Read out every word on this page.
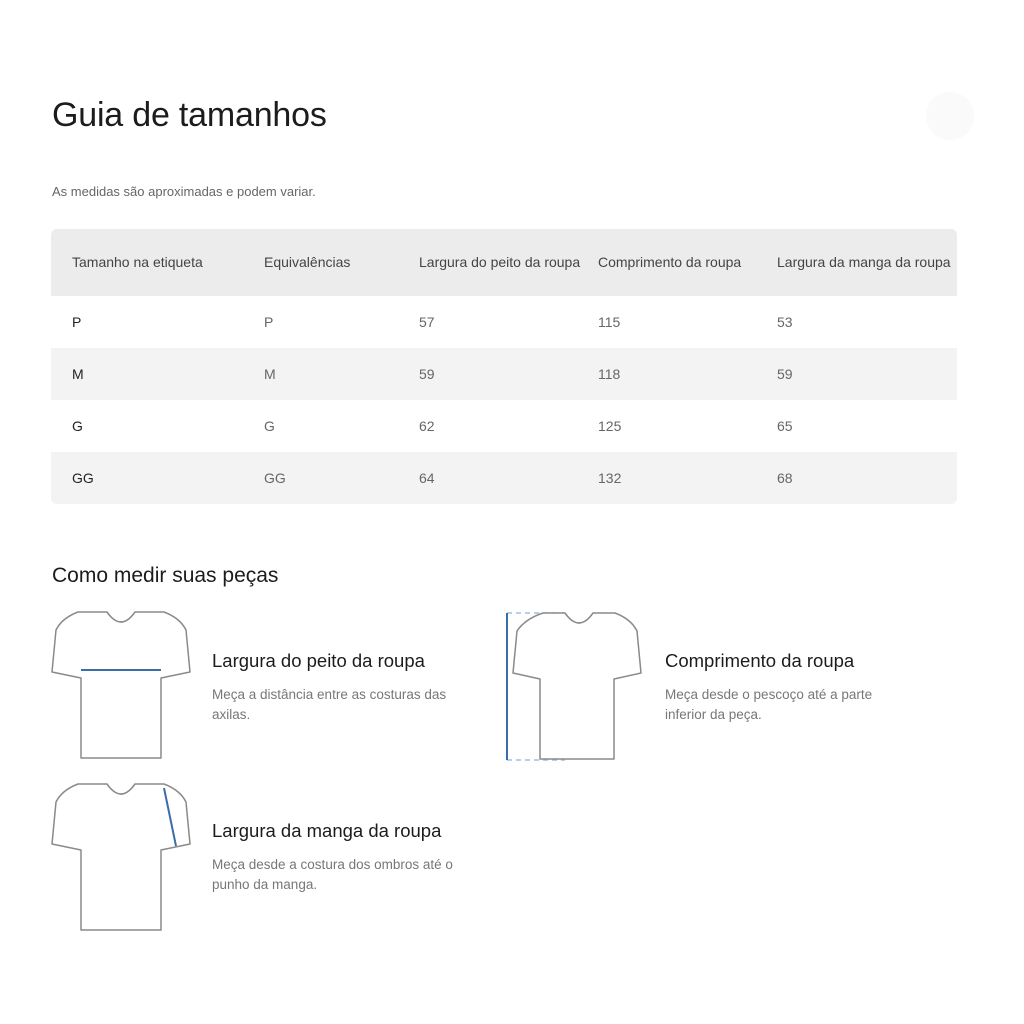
Guia de tamanhos

As medidas são aproximadas e podem variar.

Tamanho na etiqueta	Equivalências	Largura do peito da roupa	Comprimento da roupa	Largura da manga da roupa
P	P	57	115	53
M	M	59	118	59
G	G	62	125	65
GG	GG	64	132	68
Como medir suas peças
Largura do peito da roupa

Meça a distância entre as costuras das axilas.

Comprimento da roupa

Meça desde o pescoço até a parte inferior da peça.

Largura da manga da roupa

Meça desde a costura dos ombros até o punho da manga.
